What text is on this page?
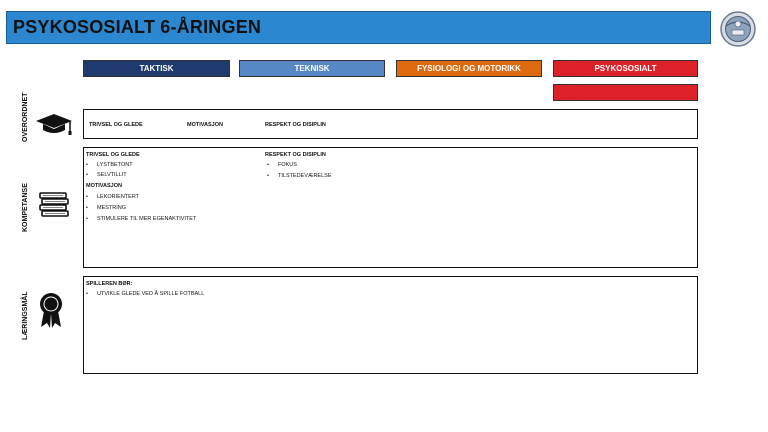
PSYKOSOSIALT 6-ÅRINGEN
TAKTISK	TEKNISK	FYSIOLOGI OG MOTORIKK	PSYKOSOSIALT
OVERORDNET
KOMPETANSE
LÆRINGSMÅL
TRIVSEL OG GLEDE	MOTIVASJON	RESPEKT OG DISIPLIN
TRIVSEL OG GLEDE
• LYSTBETONT
• SELVTILLIT
MOTIVASJON
• LEKORIENTERT
• MESTRING
• STIMULERE TIL MER EGENAKTIVITET
RESPEKT OG DISIPLIN
• FOKUS
• TILSTEDEVÆRELSE
SPILLEREN BØR:
• UTVIKLE GLEDE VED Å SPILLE FOTBALL
